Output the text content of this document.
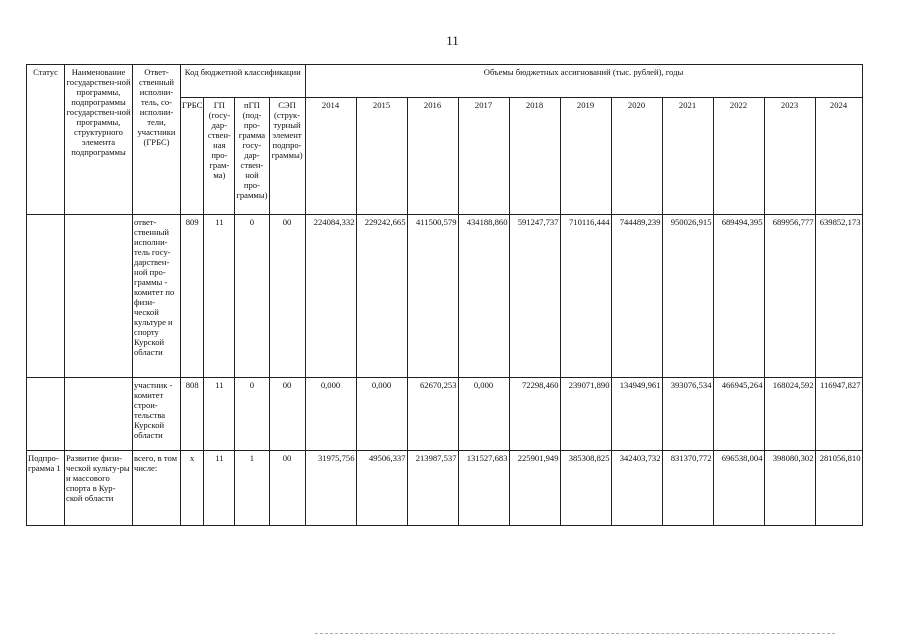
11
Статус	Наименование государствен-ной программы, подпрограммы государствен-ной программы, структурного элемента подпрограммы	Ответ-ственный исполни-тель, со-исполни-тели, участники (ГРБС)	Код бюджетной классификации				Объемы бюджетных ассигнований (тыс. рублей), годы										
			ГРБС	ГП (госу-дар-ствен-ная про-грам-ма)	пГП (под-про-грамма госу-дар-ствен-ной про-граммы)	СЭП (струк-турный элемент подпро-граммы)	2014	2015	2016	2017	2018	2019	2020	2021	2022	2023	2024
		ответ-ственный исполни-тель госу-дарствен-ной про-граммы - комитет по физи-ческой культуре и спорту Курской области	809	11	0	00	224084,332	229242,665	411500,579	434188,860	591247,737	710116,444	744489,239	950026,915	689494,395	689956,777	639852,173
		участник - комитет строи-тельства Курской области	808	11	0	00	0,000	0,000	62670,253	0,000	72298,460	239071,890	134949,961	393076,534	466945,264	168024,592	116947,827
Подпро-грамма 1	Развитие физи-ческой культу-ры и массового спорта в Кур-ской области	всего, в том числе:	х	11	1	00	31975,756	49506,337	213987,537	131527,683	225901,949	385308,825	342403,732	831370,772	696538,004	398080,302	281056,810
